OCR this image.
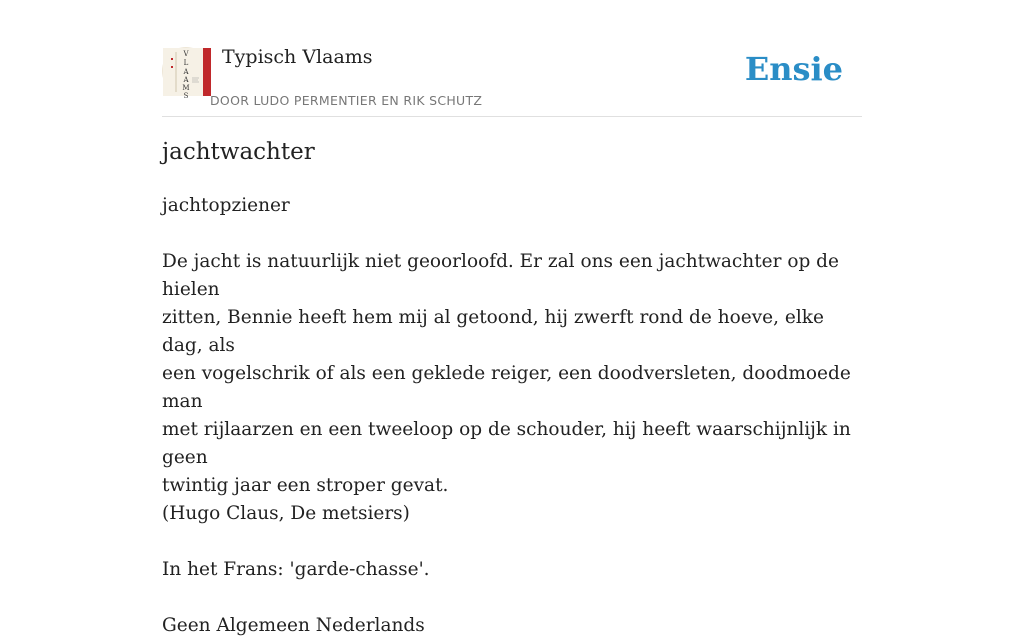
V
L
A
A
M
S
Typisch Vlaams
DOOR LUDO PERMENTIER EN RIK SCHUTZ
Ensie
jachtwachter

jachtopziener

De jacht is natuurlijk niet geoorloofd. Er zal ons een jachtwachter op de hielen

zitten, Bennie heeft hem mij al getoond, hij zwerft rond de hoeve, elke dag, als

een vogelschrik of als een geklede reiger, een doodversleten, doodmoede man

met rijlaarzen en een tweeloop op de schouder, hij heeft waarschijnlijk in geen

twintig jaar een stroper gevat.

(Hugo Claus, De metsiers)

In het Frans: 'garde-chasse'.

Geen Algemeen Nederlands
